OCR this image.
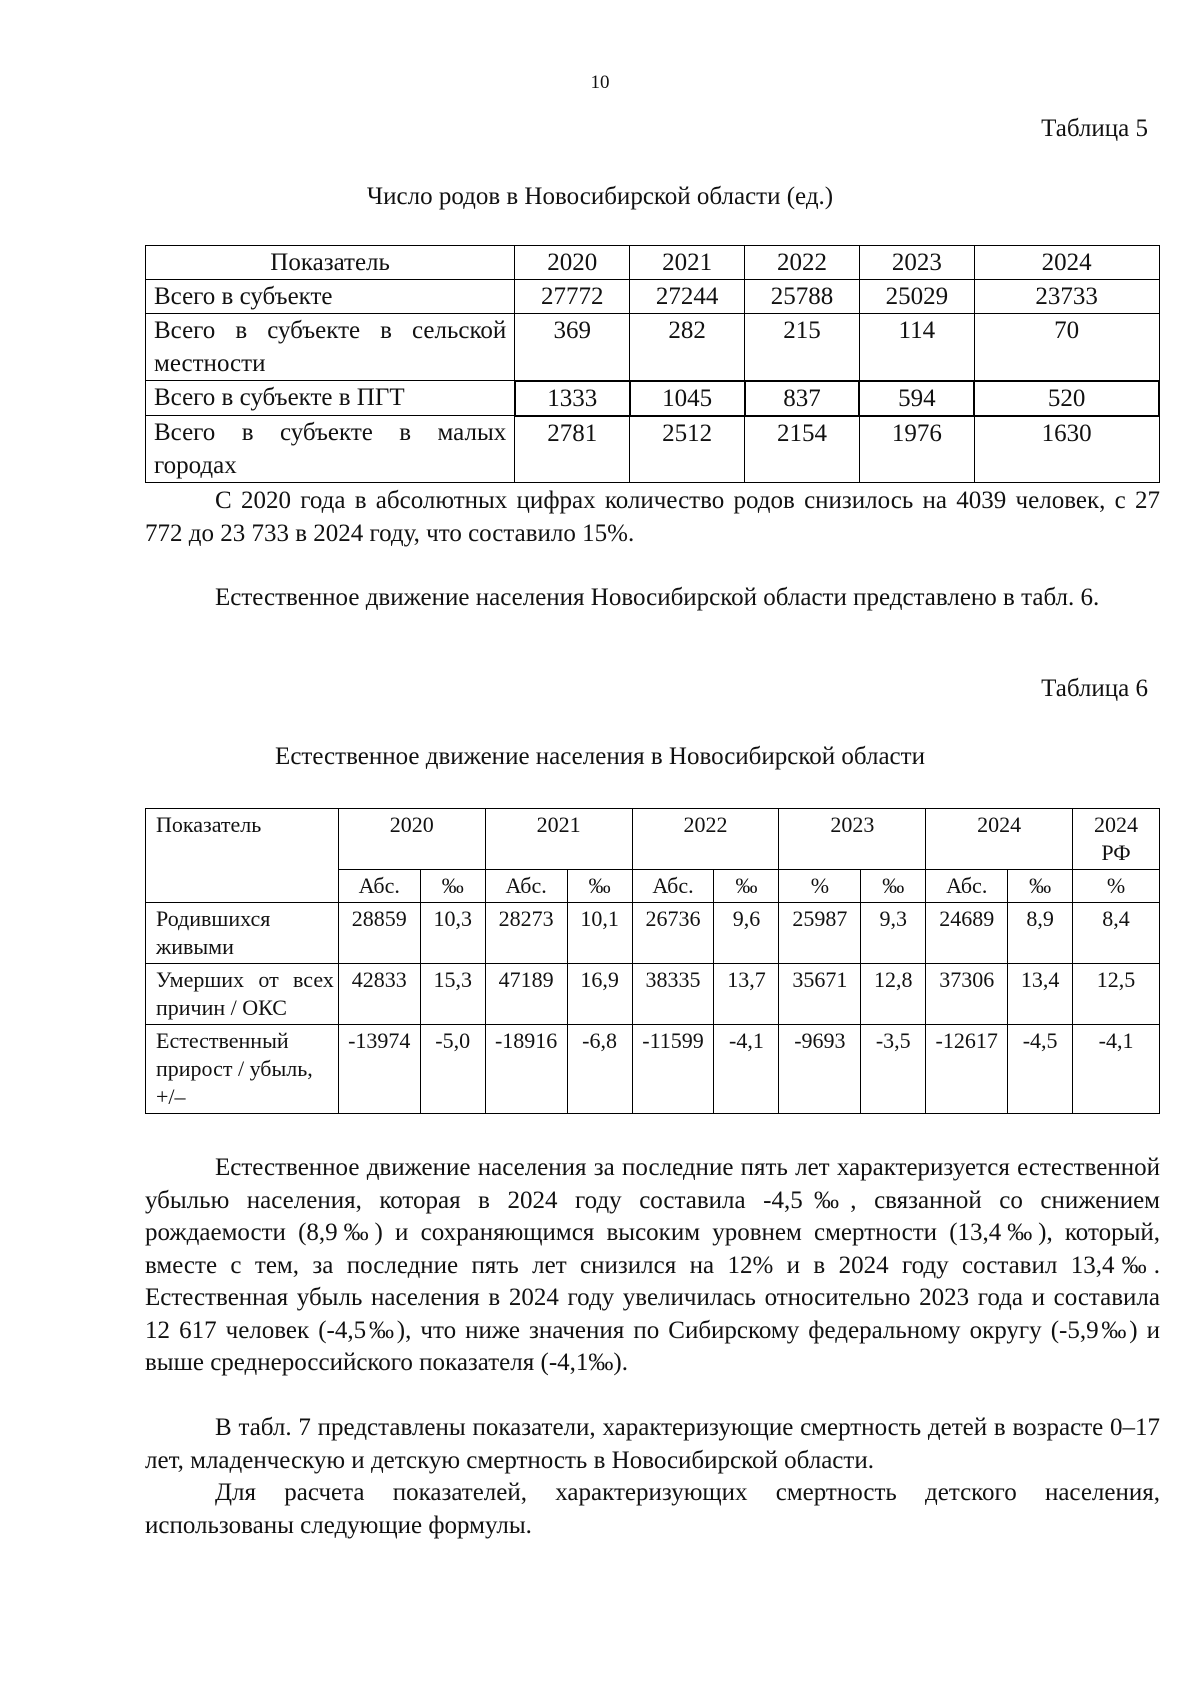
10
Таблица 5
Число родов в Новосибирской области (ед.)
Показатель	2020	2021	2022	2023	2024
Всего в субъекте	27772	27244	25788	25029	23733
Всего в субъекте в сельской местности	369	282	215	114	70
Всего в субъекте в ПГТ	1333	1045	837	594	520
Всего в субъекте в малых городах	2781	2512	2154	1976	1630

С 2020 года в абсолютных цифрах количество родов снизилось на 4039 человек, с 27 772 до 23 733 в 2024 году, что составило 15%.

Естественное движение населения Новосибирской области представлено в табл. 6.

Таблица 6
Естественное движение населения в Новосибирской области
Показатель	2020		2021		2022		2023		2024		2024
РФ
	Абс.	‰	Абс.	‰	Абс.	‰	%	‰	Абс.	‰	%
Родившихся живыми	28859	10,3	28273	10,1	26736	9,6	25987	9,3	24689	8,9	8,4
Умерших от всех причин / ОКС	42833	15,3	47189	16,9	38335	13,7	35671	12,8	37306	13,4	12,5
Естественный прирост / убыль, +/–	-13974	-5,0	-18916	-6,8	-11599	-4,1	-9693	-3,5	-12617	-4,5	-4,1

Естественное движение населения за последние пять лет характеризуется естественной убылью населения, которая в 2024 году составила -4,5‰, связанной со снижением рождаемости (8,9‰) и сохраняющимся высоким уровнем смертности (13,4‰), который, вместе с тем, за последние пять лет снизился на 12% и в 2024 году составил 13,4‰. Естественная убыль населения в 2024 году увеличилась относительно 2023 года и составила 12 617 человек (-4,5‰), что ниже значения по Сибирскому федеральному округу (-5,9‰) и выше среднероссийского показателя (-4,1‰).

В табл. 7 представлены показатели, характеризующие смертность детей в возрасте 0–17 лет, младенческую и детскую смертность в Новосибирской области.

Для расчета показателей, характеризующих смертность детского населения, использованы следующие формулы.
